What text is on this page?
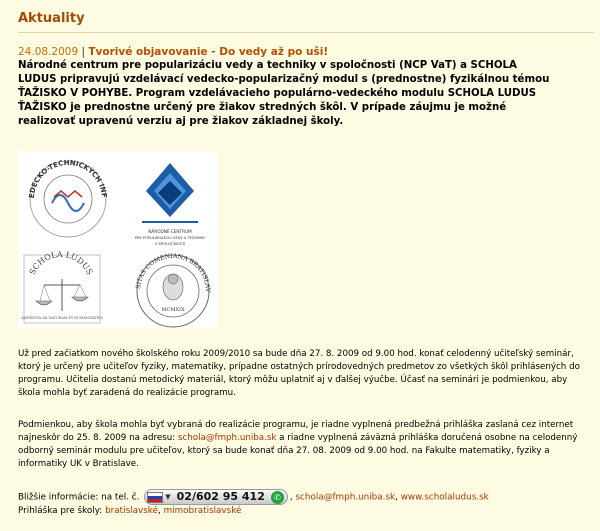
Aktuality
24.08.2009 | Tvorivé objavovanie - Do vedy až po uši!

Národné centrum pre popularizáciu vedy a techniky v spoločnosti (NCP VaT) a SCHOLA LUDUS pripravujú vzdelávací vedecko-popularizačný modul s (prednostne) fyzikálnou témou ŤAŽISKO V POHYBE. Program vzdelávacieho populárno-vedeckého modulu SCHOLA LUDUS ŤAŽISKO je prednostne určený pre žiakov stredných škôl. V prípade záujmu je možné realizovať upravenú verziu aj pre žiakov základnej školy.

EDECKO-TECHNICKÝCH INF
NÁRODNÉ CENTRUM
PRE POPULARIZÁCIU VEDY A TECHNIKY
V SPOLOČNOSTI
SCHOLA LUDUS
SAPIENTIA AD NATURAM ET HUMANITATEM
SITAS COMENIANA BRATISLAV
MCMXIX

Už pred začiatkom nového školského roku 2009/2010 sa bude dňa 27. 8. 2009 od 9.00 hod. konať celodenný učiteľský seminár, ktorý je určený pre učiteľov fyziky, matematiky, prípadne ostatných prírodovedných predmetov zo všetkých škôl prihlásených do programu. Učitelia dostanú metodický materiál, ktorý môžu uplatniť aj v ďalšej výučbe. Účasť na seminári je podmienkou, aby škola mohla byť zaradená do realizácie programu.

Podmienkou, aby škola mohla byť vybraná do realizácie programu, je riadne vyplnená predbežná prihláška zaslaná cez internet najneskôr do 25. 8. 2009 na adresu: schola@fmph.uniba.sk a riadne vyplnená záväzná prihláška doručená osobne na celodenný odborný seminár modulu pre učiteľov, ktorý sa bude konať dňa 27. 08. 2009 od 9.00 hod. na Fakulte matematiky, fyziky a informatiky UK v Bratislave.

Bližšie informácie: na tel. č.	▼ 02/602 95 412 ✆ , schola@fmph.uniba.sk, www.scholaludus.sk
Prihláška pre školy: bratislavské, mimobratislavské
